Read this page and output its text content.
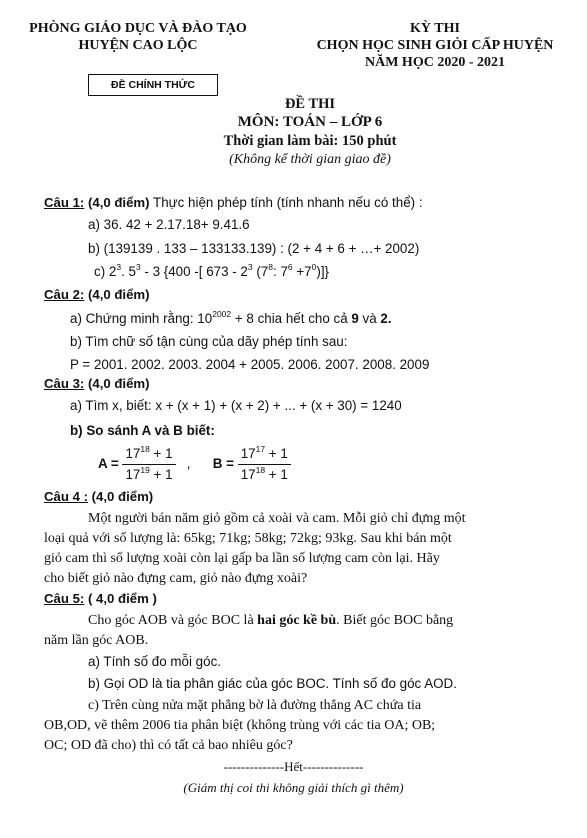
PHÒNG GIÁO DỤC VÀ ĐÀO TẠO
HUYỆN CAO LỘC
ĐỀ CHÍNH THỨC
KỲ THI
CHỌN HỌC SINH GIỎI CẤP HUYỆN
NĂM HỌC 2020 - 2021
ĐỀ THI
MÔN: TOÁN – LỚP 6
Thời gian làm bài: 150 phút
(Không kể thời gian giao đề)
Câu 1: (4,0 điểm) Thực hiện phép tính (tính nhanh nếu có thể) :
a) 36. 42 + 2.17.18+ 9.41.6
b) (139139 . 133 – 133133.139) : (2 + 4 + 6 + …+ 2002)
c) $2^3$. $5^3 - 3$ {400 -[ $673 - 2^3$ ($7^8$: $7^6 +7^0$)]}
Câu 2: (4,0 điểm)
a) Chứng minh rằng: $10^{2002} + 8$ chia hết cho cả 9 và 2.
b) Tìm chữ số tận cùng của dãy phép tính sau:
P = 2001. 2002. 2003. 2004 + 2005. 2006. 2007. 2008. 2009
Câu 3: (4,0 điểm)
a) Tìm x, biết: x + (x + 1) + (x + 2) + ... + (x + 30) = 1240
b) So sánh A và B biết:
$A = \frac{17^{18} + 1}{17^{19} + 1}$ ,      $B = \frac{17^{17} + 1}{17^{18} + 1}$
Câu 4 : (4,0 điểm)
Một người bán năm giỏ gồm cả xoài và cam. Mỗi giỏ chỉ đựng một
loại quả với số lượng là: 65kg; 71kg; 58kg; 72kg; 93kg. Sau khi bán một
giỏ cam thì số lượng xoài còn lại gấp ba lần số lượng cam còn lại. Hãy
cho biết giỏ nào đựng cam, giỏ nào đựng xoài?
Câu 5: ( 4,0 điểm )
Cho góc AOB và góc BOC là hai góc kề bù. Biết góc BOC bằng
năm lần góc AOB.
a) Tính số đo mỗi góc.
b) Gọi OD là tia phân giác của góc BOC. Tính số đo góc AOD.
c) Trên cùng nửa mặt phẳng bờ là đường thẳng AC chứa tia
OB,OD, vẽ thêm 2006 tia phân biệt (không trùng với các tia OA; OB;
OC; OD đã cho) thì có tất cả bao nhiêu góc?
--------------Hết--------------
(Giám thị coi thi không giải thích gì thêm)
